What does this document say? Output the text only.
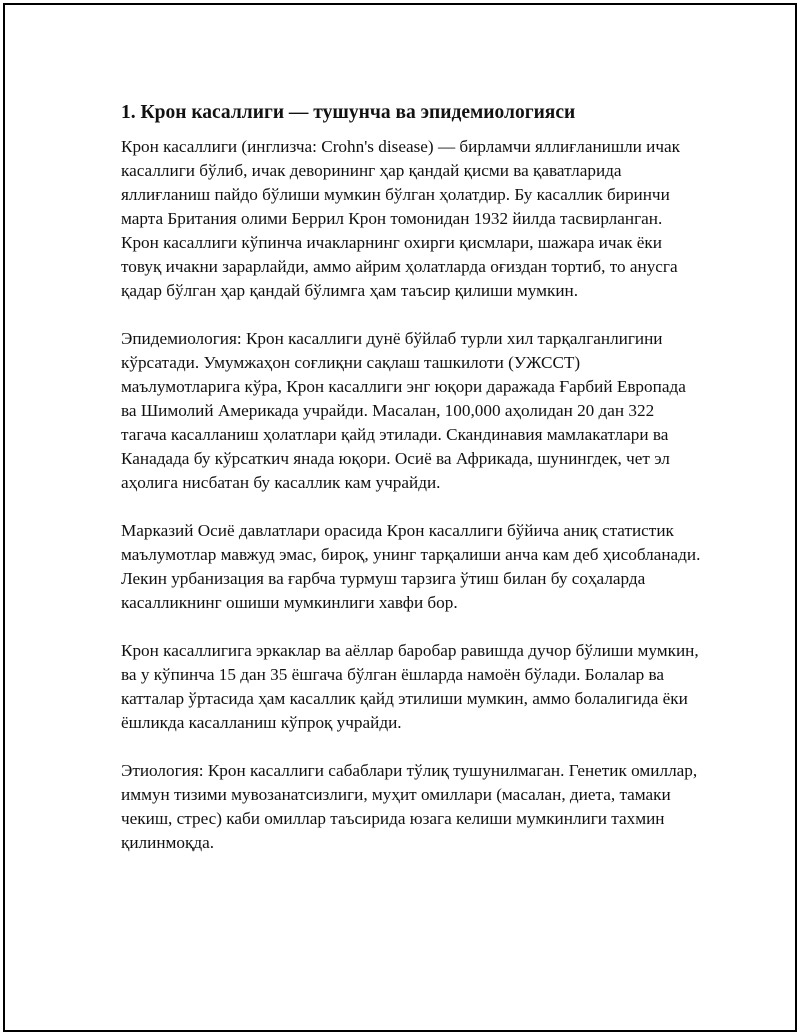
1. Крон касаллиги — тушунча ва эпидемиологияси

Крон касаллиги (инглизча: Crohn's disease) — бирламчи яллиғланишли ичак касаллиги бўлиб, ичак деворининг ҳар қандай қисми ва қаватларида яллиғланиш пайдо бўлиши мумкин бўлган ҳолатдир. Бу касаллик биринчи марта Британия олими Беррил Крон томонидан 1932 йилда тасвирланган. Крон касаллиги кўпинча ичакларнинг охирги қисмлари, шажара ичак ёки товуқ ичакни зарарлайди, аммо айрим ҳолатларда оғиздан тортиб, то анусга қадар бўлган ҳар қандай бўлимга ҳам таъсир қилиши мумкин.

Эпидемиология: Крон касаллиги дунё бўйлаб турли хил тарқалганлигини кўрсатади. Умумжаҳон соғлиқни сақлаш ташкилоти (УЖССТ) маълумотларига кўра, Крон касаллиги энг юқори даражада Ғарбий Европада ва Шимолий Америкада учрайди. Масалан, 100,000 аҳолидан 20 дан 322 тагача касалланиш ҳолатлари қайд этилади. Скандинавия мамлакатлари ва Канадада бу кўрсаткич янада юқори. Осиё ва Африкада, шунингдек, чет эл аҳолига нисбатан бу касаллик кам учрайди.

Марказий Осиё давлатлари орасида Крон касаллиги бўйича аниқ статистик маълумотлар мавжуд эмас, бироқ, унинг тарқалиши анча кам деб ҳисобланади. Лекин урбанизация ва ғарбча турмуш тарзига ўтиш билан бу соҳаларда касалликнинг ошиши мумкинлиги хавфи бор.

Крон касаллигига эркаклар ва аёллар баробар равишда дучор бўлиши мумкин, ва у кўпинча 15 дан 35 ёшгача бўлган ёшларда намоён бўлади. Болалар ва катталар ўртасида ҳам касаллик қайд этилиши мумкин, аммо болалигида ёки ёшликда касалланиш кўпроқ учрайди.

Этиология: Крон касаллиги сабаблари тўлиқ тушунилмаган. Генетик омиллар, иммун тизими мувозанатсизлиги, муҳит омиллари (масалан, диета, тамаки чекиш, стрес) каби омиллар таъсирида юзага келиши мумкинлиги тахмин қилинмоқда.
